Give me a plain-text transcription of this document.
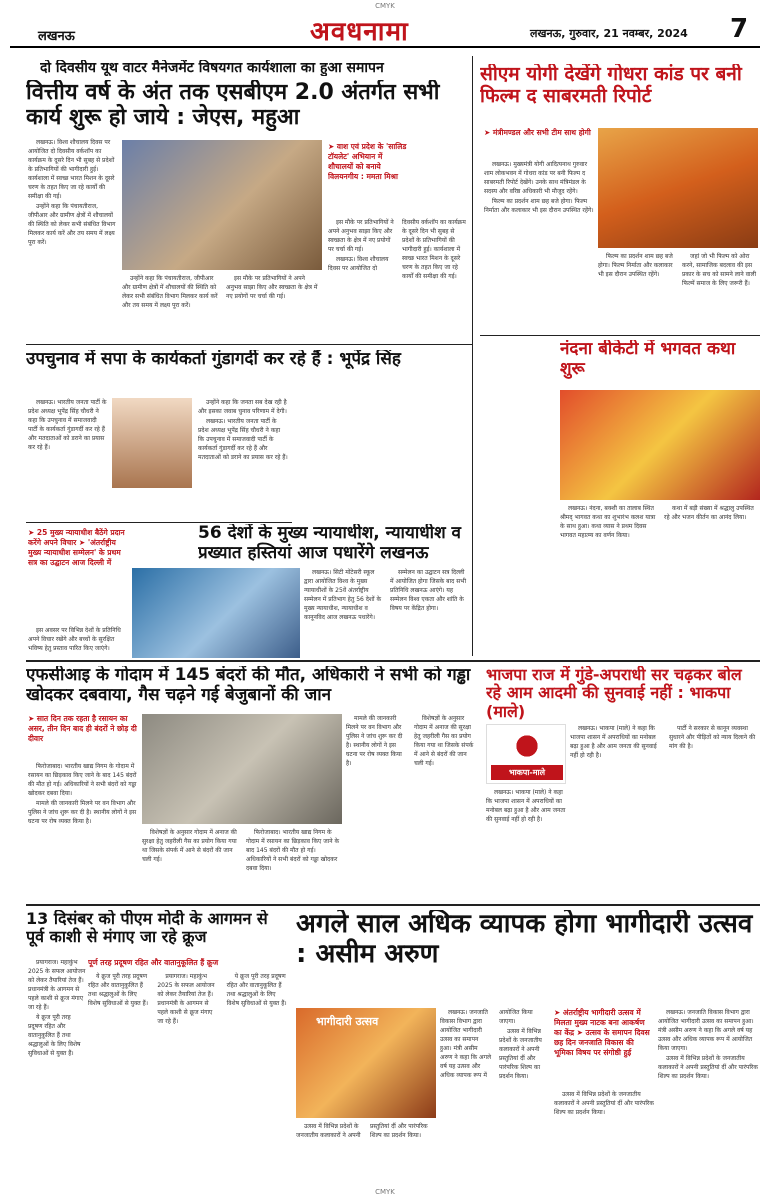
CMYK
लखनऊ	अवधनामा	लखनऊ, गुरुवार, 21 नवम्बर, 2024 7
दो दिवसीय यूथ वाटर मैनेजमेंट विषयगत कार्यशाला का हुआ समापन
वित्तीय वर्ष के अंत तक एसबीएम 2.0 अंतर्गत सभी कार्य शुरू हो जाये : जेएस, महुआ

लखनऊ। विश्व शौचालय दिवस पर आयोजित दो दिवसीय वर्कशॉप का कार्यक्रम के दूसरे दिन भी सुबह से प्रदेशों के प्रतिभागियों की भागीदारी हुई। कार्यशाला में स्वच्छ भारत मिशन के दूसरे चरण के तहत किए जा रहे कार्यों की समीक्षा की गई।

उन्होंने कहा कि पंचायतीराज, जीपीआर और ग्रामीण क्षेत्रों में शौचालयों की स्थिति को लेकर सभी संबंधित विभाग मिलकर कार्य करें और तय समय में लक्ष्य पूरा करें।

➤ वाश एवं प्रदेश के 'सालिड टॉयलेट' अभियान में शौचालयों को बनाये विलयनगीय : ममता मिश्रा

इस मौके पर प्रतिभागियों ने अपने अनुभव साझा किए और स्वच्छता के क्षेत्र में नए प्रयोगों पर चर्चा की गई।

लखनऊ। विश्व शौचालय दिवस पर आयोजित दो दिवसीय वर्कशॉप का कार्यक्रम के दूसरे दिन भी सुबह से प्रदेशों के प्रतिभागियों की भागीदारी हुई। कार्यशाला में स्वच्छ भारत मिशन के दूसरे चरण के तहत किए जा रहे कार्यों की समीक्षा की गई।

उन्होंने कहा कि पंचायतीराज, जीपीआर और ग्रामीण क्षेत्रों में शौचालयों की स्थिति को लेकर सभी संबंधित विभाग मिलकर कार्य करें और तय समय में लक्ष्य पूरा करें।

इस मौके पर प्रतिभागियों ने अपने अनुभव साझा किए और स्वच्छता के क्षेत्र में नए प्रयोगों पर चर्चा की गई।

सीएम योगी देखेंगे गोधरा कांड पर बनी फिल्म द साबरमती रिपोर्ट
➤ मंत्रीमण्डल और सभी टीम साथ होगी

लखनऊ। मुख्यमंत्री योगी आदित्यनाथ गुरुवार शाम लोकभवन में गोधरा कांड पर बनी फिल्म द साबरमती रिपोर्ट देखेंगे। उनके साथ मंत्रिमंडल के सदस्य और वरिष्ठ अधिकारी भी मौजूद रहेंगे।

फिल्म का प्रदर्शन शाम छह बजे होगा। फिल्म निर्माता और कलाकार भी इस दौरान उपस्थित रहेंगे।

फिल्म का प्रदर्शन शाम छह बजे होगा। फिल्म निर्माता और कलाकार भी इस दौरान उपस्थित रहेंगे।

जहां जो भी फिल्म को ओरा करने, सामाजिक बदलाव की इस प्रकार के सच को सामने लाने वाली फिल्में समाज के लिए जरूरी हैं।

उपचुनाव में सपा के कार्यकर्ता गुंडागर्दी कर रहे हैं : भूपेंद्र सिंह

लखनऊ। भारतीय जनता पार्टी के प्रदेश अध्यक्ष भूपेंद्र सिंह चौधरी ने कहा कि उपचुनाव में समाजवादी पार्टी के कार्यकर्ता गुंडागर्दी कर रहे हैं और मतदाताओं को डराने का प्रयास कर रहे हैं।

उन्होंने कहा कि जनता सब देख रही है और इसका जवाब चुनाव परिणाम में देगी।

लखनऊ। भारतीय जनता पार्टी के प्रदेश अध्यक्ष भूपेंद्र सिंह चौधरी ने कहा कि उपचुनाव में समाजवादी पार्टी के कार्यकर्ता गुंडागर्दी कर रहे हैं और मतदाताओं को डराने का प्रयास कर रहे हैं।

56 देशों के मुख्य न्यायाधीश, न्यायाधीश व प्रख्यात हस्तियां आज पधारेंगे लखनऊ
➤ 25 मुख्य न्यायाधीश बैठेंगे प्रदान करेंगे अपने विचार ➤ 'अंतर्राष्ट्रीय मुख्य न्यायाधीश सम्मेलन' के प्रथम सत्र का उद्घाटन आज दिल्ली में

लखनऊ। सिटी मोंटेसरी स्कूल द्वारा आयोजित विश्व के मुख्य न्यायाधीशों के 25वें अंतर्राष्ट्रीय सम्मेलन में प्रतिभाग हेतु 56 देशों के मुख्य न्यायाधीश, न्यायाधीश व कानूनविद आज लखनऊ पधारेंगे।

सम्मेलन का उद्घाटन सत्र दिल्ली में आयोजित होगा जिसके बाद सभी प्रतिनिधि लखनऊ आएंगे। यह सम्मेलन विश्व एकता और शांति के विषय पर केंद्रित होगा।

इस अवसर पर विभिन्न देशों के प्रतिनिधि अपने विचार रखेंगे और बच्चों के सुरक्षित भविष्य हेतु प्रस्ताव पारित किए जाएंगे।

नंदना बीकेटी में भगवत कथा शुरू

लखनऊ। नंदना, बक्शी का तालाब स्थित श्रीमद् भागवत कथा का शुभारंभ कलश यात्रा के साथ हुआ। कथा व्यास ने प्रथम दिवस भागवत महात्म्य का वर्णन किया।

कथा में बड़ी संख्या में श्रद्धालु उपस्थित रहे और भजन कीर्तन का आनंद लिया।

एफसीआइ के गोदाम में 145 बंदरों की मौत, अधिकारी ने सभी को गड्ढा खोदकर दबवाया, गैस चढ़ने गई बेजुबानों की जान
➤ सात दिन तक रहता है रसायन का असर, तीन दिन बाद ही बंदरों ने छोड़ दी दीवार

फिरोजाबाद। भारतीय खाद्य निगम के गोदाम में रसायन का छिड़काव किए जाने के बाद 145 बंदरों की मौत हो गई। अधिकारियों ने सभी बंदरों को गड्ढा खोदकर दबवा दिया।

मामले की जानकारी मिलने पर वन विभाग और पुलिस ने जांच शुरू कर दी है। स्थानीय लोगों ने इस घटना पर रोष व्यक्त किया है।

विशेषज्ञों के अनुसार गोदाम में अनाज की सुरक्षा हेतु जहरीली गैस का प्रयोग किया गया था जिसके संपर्क में आने से बंदरों की जान चली गई।

फिरोजाबाद। भारतीय खाद्य निगम के गोदाम में रसायन का छिड़काव किए जाने के बाद 145 बंदरों की मौत हो गई। अधिकारियों ने सभी बंदरों को गड्ढा खोदकर दबवा दिया।

मामले की जानकारी मिलने पर वन विभाग और पुलिस ने जांच शुरू कर दी है। स्थानीय लोगों ने इस घटना पर रोष व्यक्त किया है।

विशेषज्ञों के अनुसार गोदाम में अनाज की सुरक्षा हेतु जहरीली गैस का प्रयोग किया गया था जिसके संपर्क में आने से बंदरों की जान चली गई।

भाजपा राज में गुंडे-अपराधी सर चढ़कर बोल रहे आम आदमी की सुनवाई नहीं : भाकपा (माले)
भाकपा-माले

लखनऊ। भाकपा (माले) ने कहा कि भाजपा शासन में अपराधियों का मनोबल बढ़ा हुआ है और आम जनता की सुनवाई नहीं हो रही है।

लखनऊ। भाकपा (माले) ने कहा कि भाजपा शासन में अपराधियों का मनोबल बढ़ा हुआ है और आम जनता की सुनवाई नहीं हो रही है।

पार्टी ने सरकार से कानून व्यवस्था सुधारने और पीड़ितों को न्याय दिलाने की मांग की है।

13 दिसंबर को पीएम मोदी के आगमन से पूर्व काशी से मंगाए जा रहे क्रूज
पूर्ण तरह प्रदूषण रहित और वातानुकूलित हैं क्रूज

प्रयागराज। महाकुंभ 2025 के सफल आयोजन को लेकर तैयारियां तेज हैं। प्रधानमंत्री के आगमन से पहले काशी से क्रूज मंगाए जा रहे हैं।

ये क्रूज पूरी तरह प्रदूषण रहित और वातानुकूलित हैं तथा श्रद्धालुओं के लिए विशेष सुविधाओं से युक्त हैं।

ये क्रूज पूरी तरह प्रदूषण रहित और वातानुकूलित हैं तथा श्रद्धालुओं के लिए विशेष सुविधाओं से युक्त हैं।

प्रयागराज। महाकुंभ 2025 के सफल आयोजन को लेकर तैयारियां तेज हैं। प्रधानमंत्री के आगमन से पहले काशी से क्रूज मंगाए जा रहे हैं।

ये क्रूज पूरी तरह प्रदूषण रहित और वातानुकूलित हैं तथा श्रद्धालुओं के लिए विशेष सुविधाओं से युक्त हैं।

अगले साल अधिक व्यापक होगा भागीदारी उत्सव : असीम अरुण
भागीदारी उत्सव

लखनऊ। जनजाति विकास विभाग द्वारा आयोजित भागीदारी उत्सव का समापन हुआ। मंत्री असीम अरुण ने कहा कि अगले वर्ष यह उत्सव और अधिक व्यापक रूप में आयोजित किया जाएगा।

उत्सव में विभिन्न प्रदेशों के जनजातीय कलाकारों ने अपनी प्रस्तुतियां दीं और पारंपरिक शिल्प का प्रदर्शन किया।

➤ अंतर्राष्ट्रीय भागीदारी उत्सव में मिलता मुख्य नाटक बना आकर्षण का केंद्र ➤ उत्सव के समापन दिवस छह दिन जनजाति विकास की भूमिका विषय पर संगोष्ठी हुई

उत्सव में विभिन्न प्रदेशों के जनजातीय कलाकारों ने अपनी प्रस्तुतियां दीं और पारंपरिक शिल्प का प्रदर्शन किया।

लखनऊ। जनजाति विकास विभाग द्वारा आयोजित भागीदारी उत्सव का समापन हुआ। मंत्री असीम अरुण ने कहा कि अगले वर्ष यह उत्सव और अधिक व्यापक रूप में आयोजित किया जाएगा।

उत्सव में विभिन्न प्रदेशों के जनजातीय कलाकारों ने अपनी प्रस्तुतियां दीं और पारंपरिक शिल्प का प्रदर्शन किया।

उत्सव में विभिन्न प्रदेशों के जनजातीय कलाकारों ने अपनी प्रस्तुतियां दीं और पारंपरिक शिल्प का प्रदर्शन किया।

CMYK
